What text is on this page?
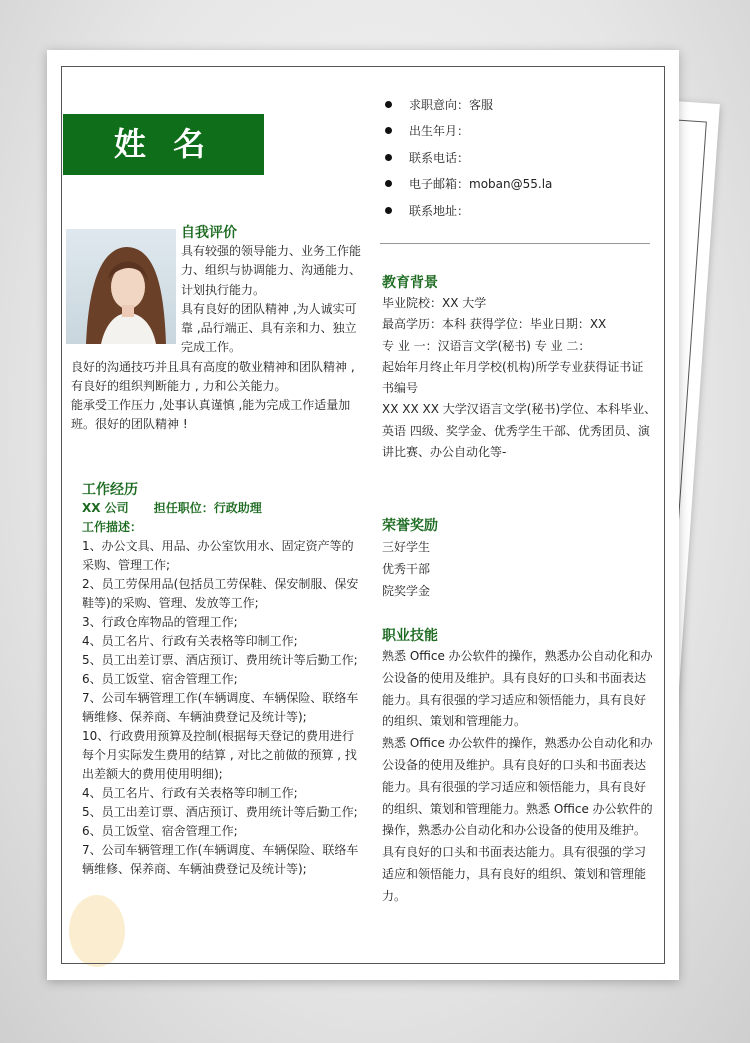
姓 名
求职意向：客服
出生年月：
联系电话：
电子邮箱：moban@55.la
联系地址：
自我评价
具有较强的领导能力、业务工作能
力、组织与协调能力、沟通能力、
计划执行能力。
具有良好的团队精神 ,为人诚实可
靠 ,品行端正、具有亲和力、独立
完成工作。
良好的沟通技巧并且具有高度的敬业精神和团队精神 ,
有良好的组织判断能力 , 力和公关能力。
能承受工作压力 ,处事认真谨慎 ,能为完成工作适量加
班。很好的团队精神 !
工作经历
XX 公司 担任职位：行政助理
工作描述：
1、办公文具、用品、办公室饮用水、固定资产等的
采购、管理工作;
2、员工劳保用品(包括员工劳保鞋、保安制服、保安
鞋等)的采购、管理、发放等工作;
3、行政仓库物品的管理工作;
4、员工名片、行政有关表格等印制工作;
5、员工出差订票、酒店预订、费用统计等后勤工作;
6、员工饭堂、宿舍管理工作;
7、公司车辆管理工作(车辆调度、车辆保险、联络车
辆维修、保养商、车辆油费登记及统计等);
10、行政费用预算及控制(根据每天登记的费用进行
每个月实际发生费用的结算 , 对比之前做的预算 , 找
出差额大的费用使用明细);
4、员工名片、行政有关表格等印制工作;
5、员工出差订票、酒店预订、费用统计等后勤工作;
6、员工饭堂、宿舍管理工作;
7、公司车辆管理工作(车辆调度、车辆保险、联络车
辆维修、保养商、车辆油费登记及统计等);
教育背景
毕业院校：XX 大学
最高学历：本科 获得学位：毕业日期：XX
专 业 一：汉语言文学(秘书) 专 业 二：
起始年月终止年月学校(机构)所学专业获得证书证
书编号
XX XX XX 大学汉语言文学(秘书)学位、本科毕业、
英语 四级、奖学金、优秀学生干部、优秀团员、演
讲比赛、办公自动化等-
荣誉奖励
三好学生
优秀干部
院奖学金
职业技能
熟悉 Office 办公软件的操作，熟悉办公自动化和办
公设备的使用及维护。具有良好的口头和书面表达
能力。具有很强的学习适应和领悟能力，具有良好
的组织、策划和管理能力。
熟悉 Office 办公软件的操作，熟悉办公自动化和办
公设备的使用及维护。具有良好的口头和书面表达
能力。具有很强的学习适应和领悟能力，具有良好
的组织、策划和管理能力。熟悉 Office 办公软件的
操作，熟悉办公自动化和办公设备的使用及维护。
具有良好的口头和书面表达能力。具有很强的学习
适应和领悟能力，具有良好的组织、策划和管理能
力。
